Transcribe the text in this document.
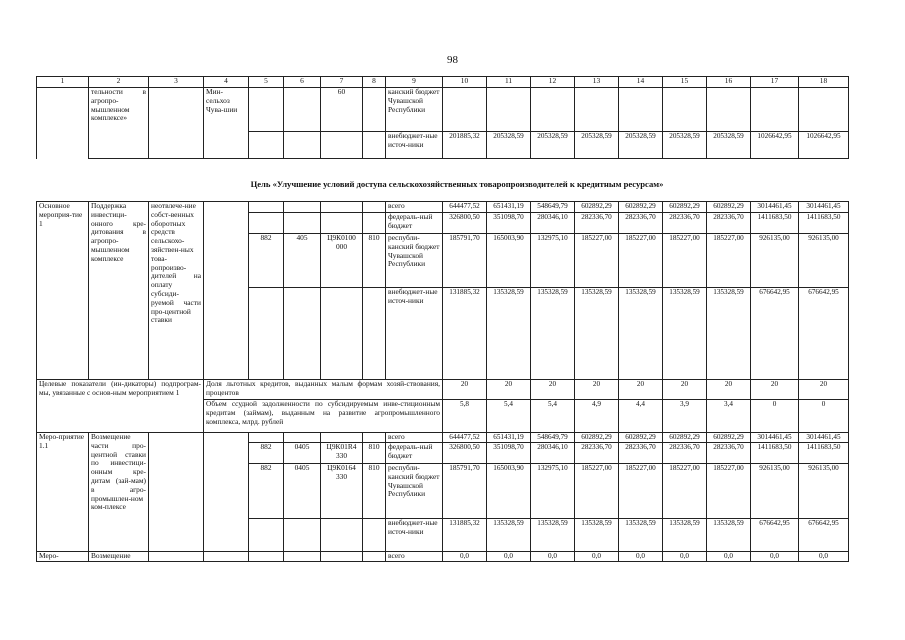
98
1	2	3	4	5	6	7	8	9	10	11	12	13	14	15	16	17	18
	тельности в агропро-мышленном комплексе»		Мин-сельхоз Чува-шии			60		канский бюджет Чувашской Республики									
								внебюджет-ные источ-ники	201885,32	205328,59	205328,59	205328,59	205328,59	205328,59	205328,59	1026642,95	1026642,95
Цель «Улучшение условий доступа сельскохозяйственных товаропроизводителей к кредитным ресурсам»
Основное мероприя-тие 1	Поддержка инвестици-онного кре-дитования в агропро-мышленном комплексе	неотвлече-ние собст-венных оборотных средств сельскохо-зяйствен-ных това-ропроизво-дителей на оплату субсиди-руемой части про-центной ставки						всего	644477,52	651431,19	548649,79	602892,29	602892,29	602892,29	602892,29	3014461,45	3014461,45
								федераль-ный бюджет	326800,50	351098,70	280346,10	282336,70	282336,70	282336,70	282336,70	1411683,50	1411683,50
				882	405	Ц9К0100 000	810	республи-канский бюджет Чувашской Республики	185791,70	165003,90	132975,10	185227,00	185227,00	185227,00	185227,00	926135,00	926135,00
								внебюджет-ные источ-ники	131885,32	135328,59	135328,59	135328,59	135328,59	135328,59	135328,59	676642,95	676642,95
Целевые показатели (ин-дикаторы) подпрограм-мы, увязанные с основ-ным мероприятием 1			Доля льготных кредитов, выданных малым формам хозяй-ствования, процентов						20	20	20	20	20	20	20	20	20
			Объем ссудной задолженности по субсидируемым инве-стиционным кредитам (займам), выданным на развитие агропромышленного комплекса, млрд. рублей						5,8	5,4	5,4	4,9	4,4	3,9	3,4	0	0
Меро-приятие 1.1	Возмещение части про-центной ставки по инвестици-онным кре-дитам (зай-мам) в агро-промышлен-ном ком-плексе							всего	644477,52	651431,19	548649,79	602892,29	602892,29	602892,29	602892,29	3014461,45	3014461,45
				882	0405	Ц9К01R4 330	810	федераль-ный бюджет	326800,50	351098,70	280346,10	282336,70	282336,70	282336,70	282336,70	1411683,50	1411683,50
				882	0405	Ц9К0164 330	810	республи-канский бюджет Чувашской Республики	185791,70	165003,90	132975,10	185227,00	185227,00	185227,00	185227,00	926135,00	926135,00
								внебюджет-ные источ-ники	131885,32	135328,59	135328,59	135328,59	135328,59	135328,59	135328,59	676642,95	676642,95
Меро-	Возмещение							всего	0,0	0,0	0,0	0,0	0,0	0,0	0,0	0,0	0,0
